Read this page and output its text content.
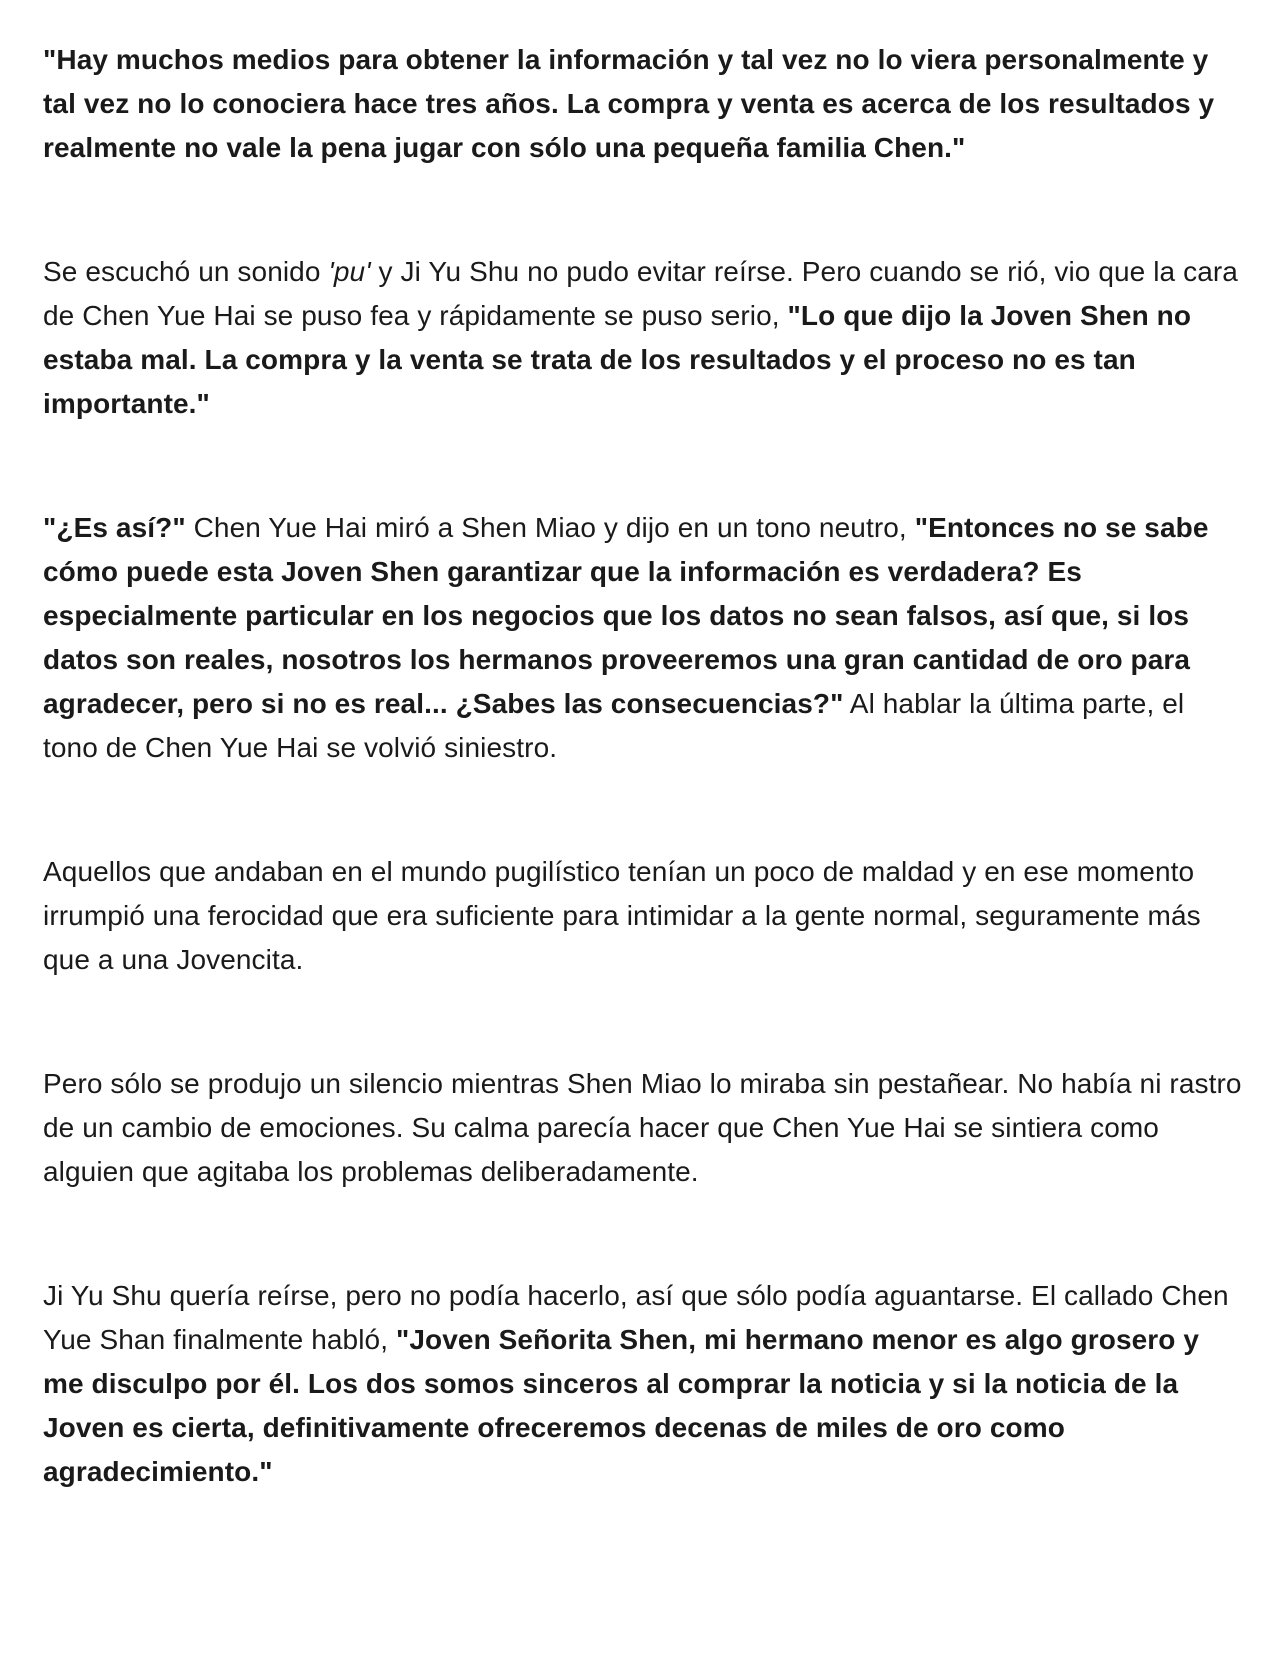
"Hay muchos medios para obtener la información y tal vez no lo viera personalmente y tal vez no lo conociera hace tres años. La compra y venta es acerca de los resultados y realmente no vale la pena jugar con sólo una pequeña familia Chen."

Se escuchó un sonido 'pu' y Ji Yu Shu no pudo evitar reírse. Pero cuando se rió, vio que la cara de Chen Yue Hai se puso fea y rápidamente se puso serio, "Lo que dijo la Joven Shen no estaba mal. La compra y la venta se trata de los resultados y el proceso no es tan importante."

"¿Es así?" Chen Yue Hai miró a Shen Miao y dijo en un tono neutro, "Entonces no se sabe cómo puede esta Joven Shen garantizar que la información es verdadera? Es especialmente particular en los negocios que los datos no sean falsos, así que, si los datos son reales, nosotros los hermanos proveeremos una gran cantidad de oro para agradecer, pero si no es real... ¿Sabes las consecuencias?" Al hablar la última parte, el tono de Chen Yue Hai se volvió siniestro.

Aquellos que andaban en el mundo pugilístico tenían un poco de maldad y en ese momento irrumpió una ferocidad que era suficiente para intimidar a la gente normal, seguramente más que a una Jovencita.

Pero sólo se produjo un silencio mientras Shen Miao lo miraba sin pestañear. No había ni rastro de un cambio de emociones. Su calma parecía hacer que Chen Yue Hai se sintiera como alguien que agitaba los problemas deliberadamente.

Ji Yu Shu quería reírse, pero no podía hacerlo, así que sólo podía aguantarse. El callado Chen Yue Shan finalmente habló, "Joven Señorita Shen, mi hermano menor es algo grosero y me disculpo por él. Los dos somos sinceros al comprar la noticia y si la noticia de la Joven es cierta, definitivamente ofreceremos decenas de miles de oro como agradecimiento."
